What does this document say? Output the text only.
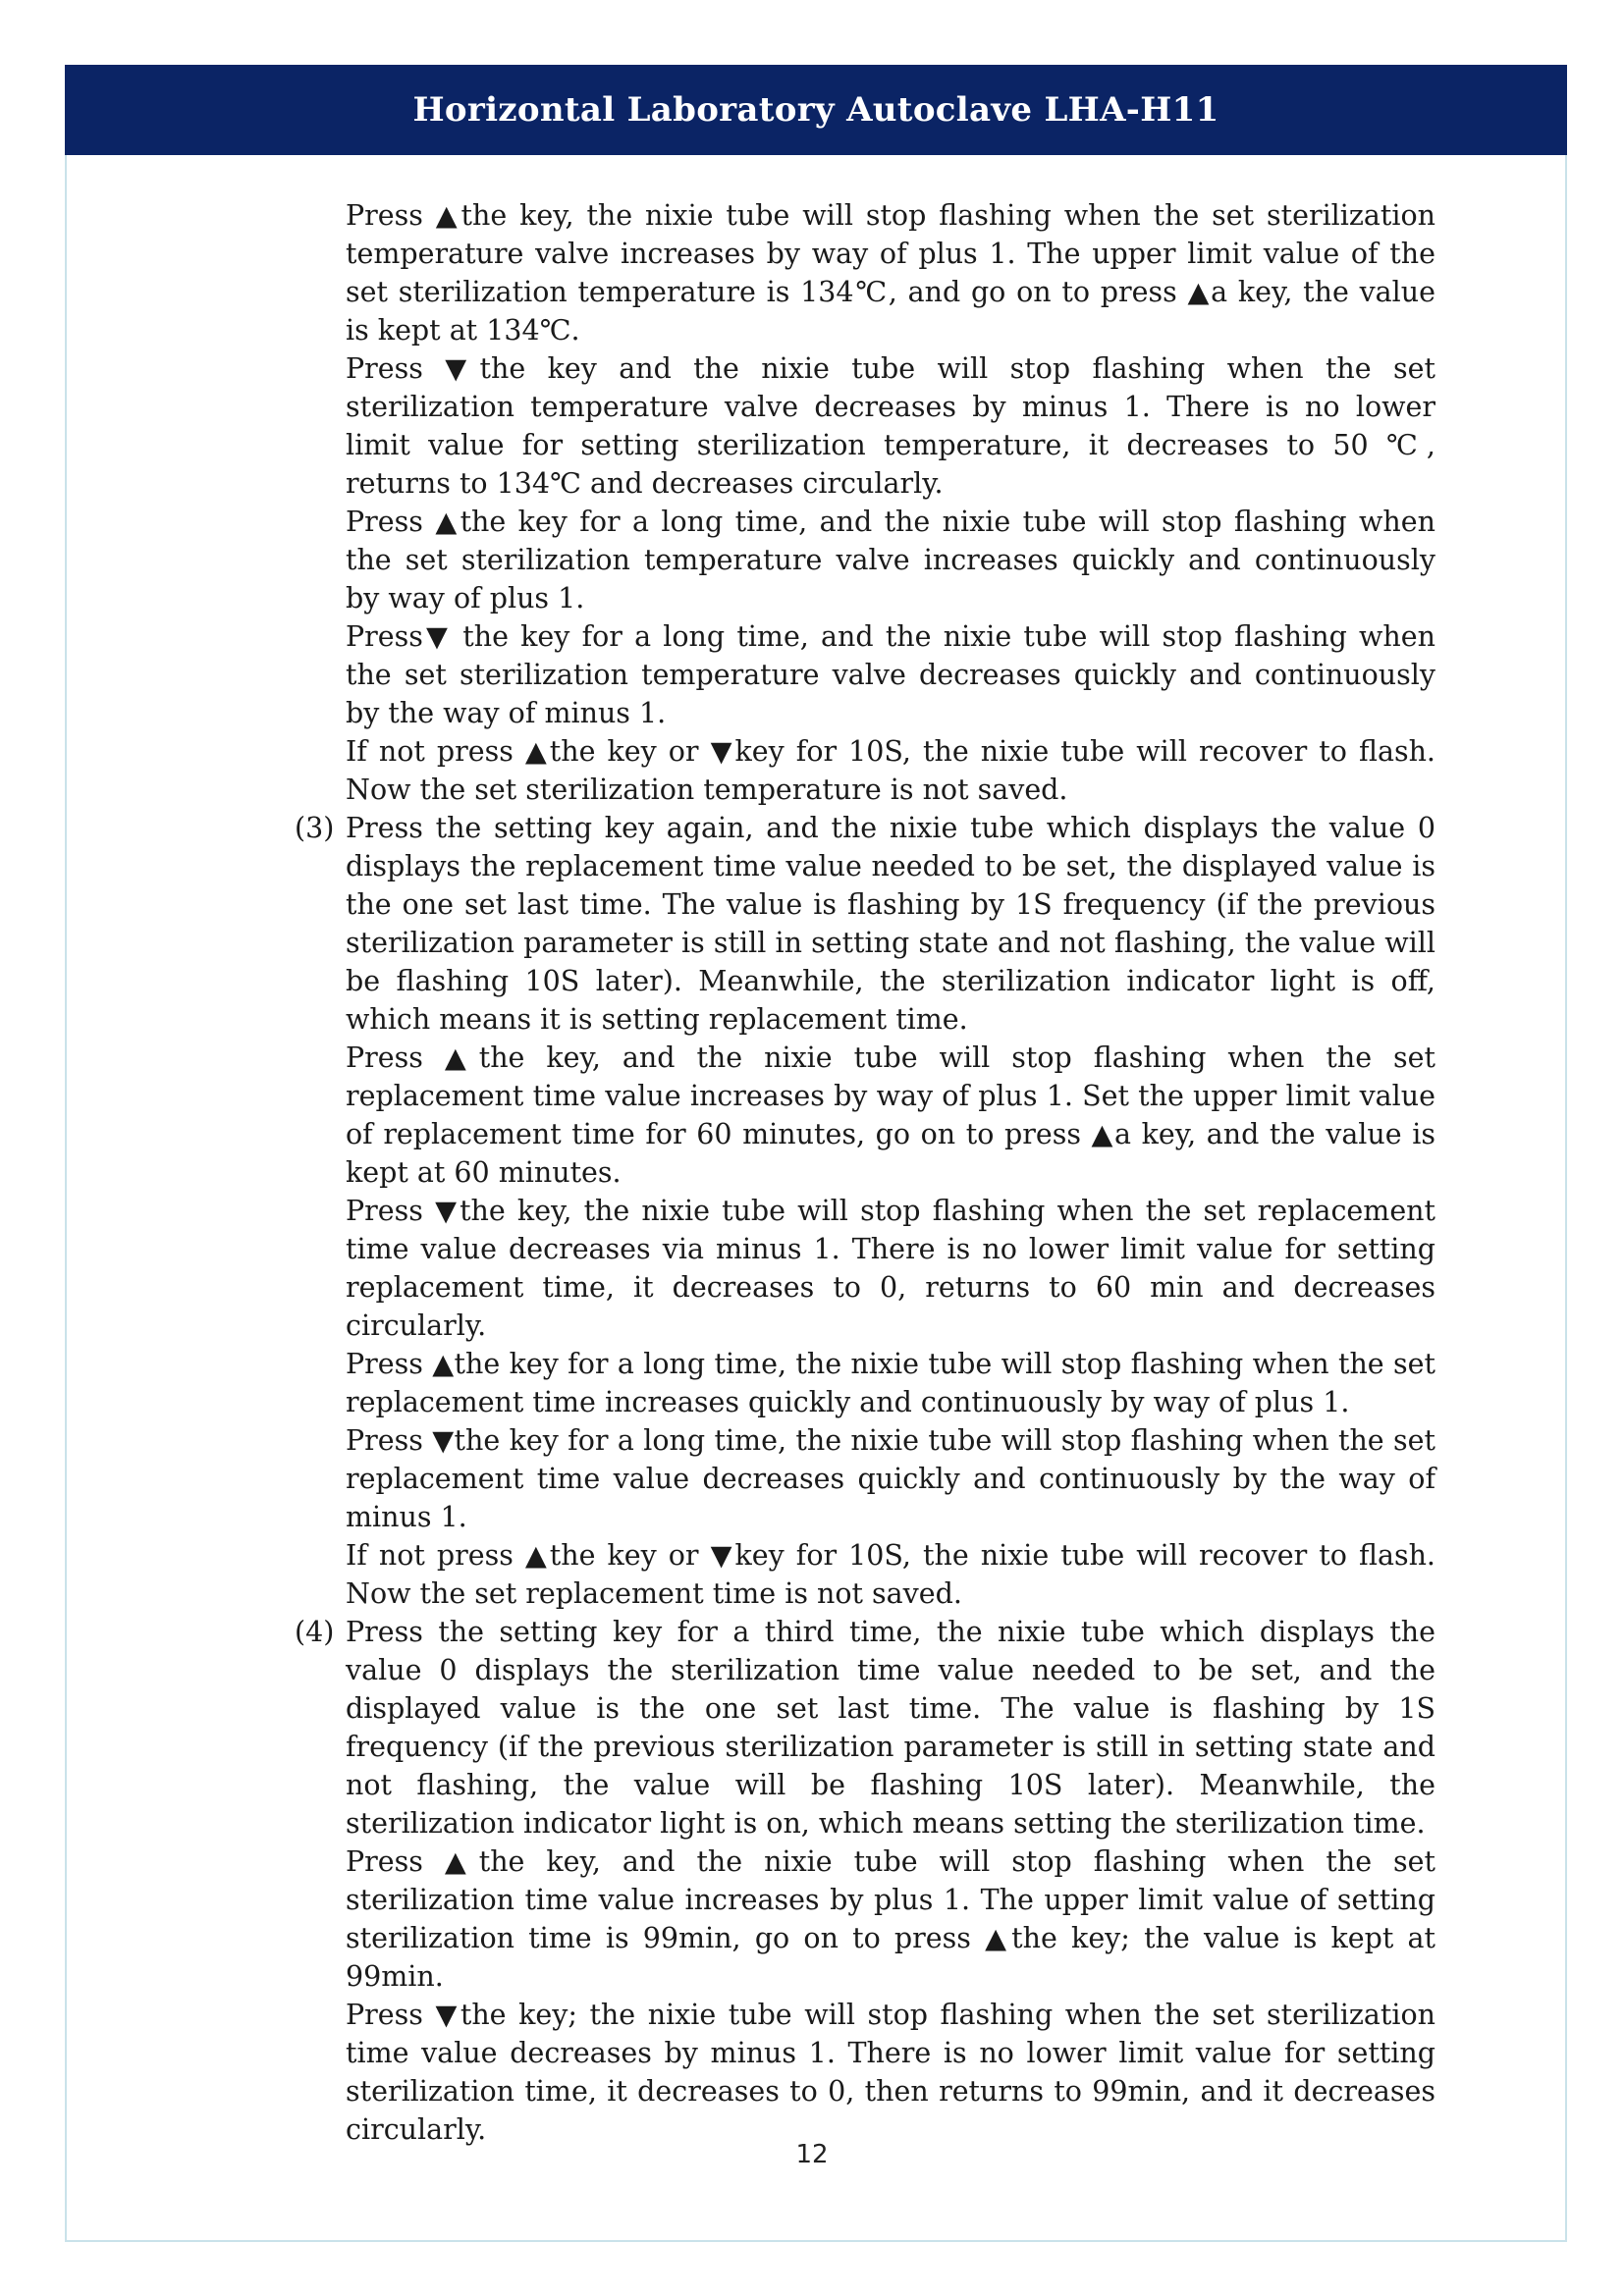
Horizontal Laboratory Autoclave LHA-H11

Press ▲the key, the nixie tube will stop flashing when the set sterilization temperature valve increases by way of plus 1. The upper limit value of the set sterilization temperature is 134℃, and go on to press ▲a key, the value is kept at 134℃.

Press ▼the key and the nixie tube will stop flashing when the set sterilization temperature valve decreases by minus 1. There is no lower limit value for setting sterilization temperature, it decreases to 50 ℃, returns to 134℃ and decreases circularly.

Press ▲the key for a long time, and the nixie tube will stop flashing when the set sterilization temperature valve increases quickly and continuously by way of plus 1.

Press▼ the key for a long time, and the nixie tube will stop flashing when the set sterilization temperature valve decreases quickly and continuously by the way of minus 1.

If not press ▲the key or ▼key for 10S, the nixie tube will recover to flash. Now the set sterilization temperature is not saved.

(3) Press the setting key again, and the nixie tube which displays the value 0 displays the replacement time value needed to be set, the displayed value is the one set last time. The value is flashing by 1S frequency (if the previous sterilization parameter is still in setting state and not flashing, the value will be flashing 10S later). Meanwhile, the sterilization indicator light is off, which means it is setting replacement time.

Press ▲the key, and the nixie tube will stop flashing when the set replacement time value increases by way of plus 1. Set the upper limit value of replacement time for 60 minutes, go on to press ▲a key, and the value is kept at 60 minutes.

Press ▼the key, the nixie tube will stop flashing when the set replacement time value decreases via minus 1. There is no lower limit value for setting replacement time, it decreases to 0, returns to 60 min and decreases circularly.

Press ▲the key for a long time, the nixie tube will stop flashing when the set replacement time increases quickly and continuously by way of plus 1.

Press ▼the key for a long time, the nixie tube will stop flashing when the set replacement time value decreases quickly and continuously by the way of minus 1.

If not press ▲the key or ▼key for 10S, the nixie tube will recover to flash. Now the set replacement time is not saved.

(4) Press the setting key for a third time, the nixie tube which displays the value 0 displays the sterilization time value needed to be set, and the displayed value is the one set last time. The value is flashing by 1S frequency (if the previous sterilization parameter is still in setting state and not flashing, the value will be flashing 10S later). Meanwhile, the sterilization indicator light is on, which means setting the sterilization time.

Press ▲the key, and the nixie tube will stop flashing when the set sterilization time value increases by plus 1. The upper limit value of setting sterilization time is 99min, go on to press ▲the key; the value is kept at 99min.

Press ▼the key; the nixie tube will stop flashing when the set sterilization time value decreases by minus 1. There is no lower limit value for setting sterilization time, it decreases to 0, then returns to 99min, and it decreases circularly.

12
